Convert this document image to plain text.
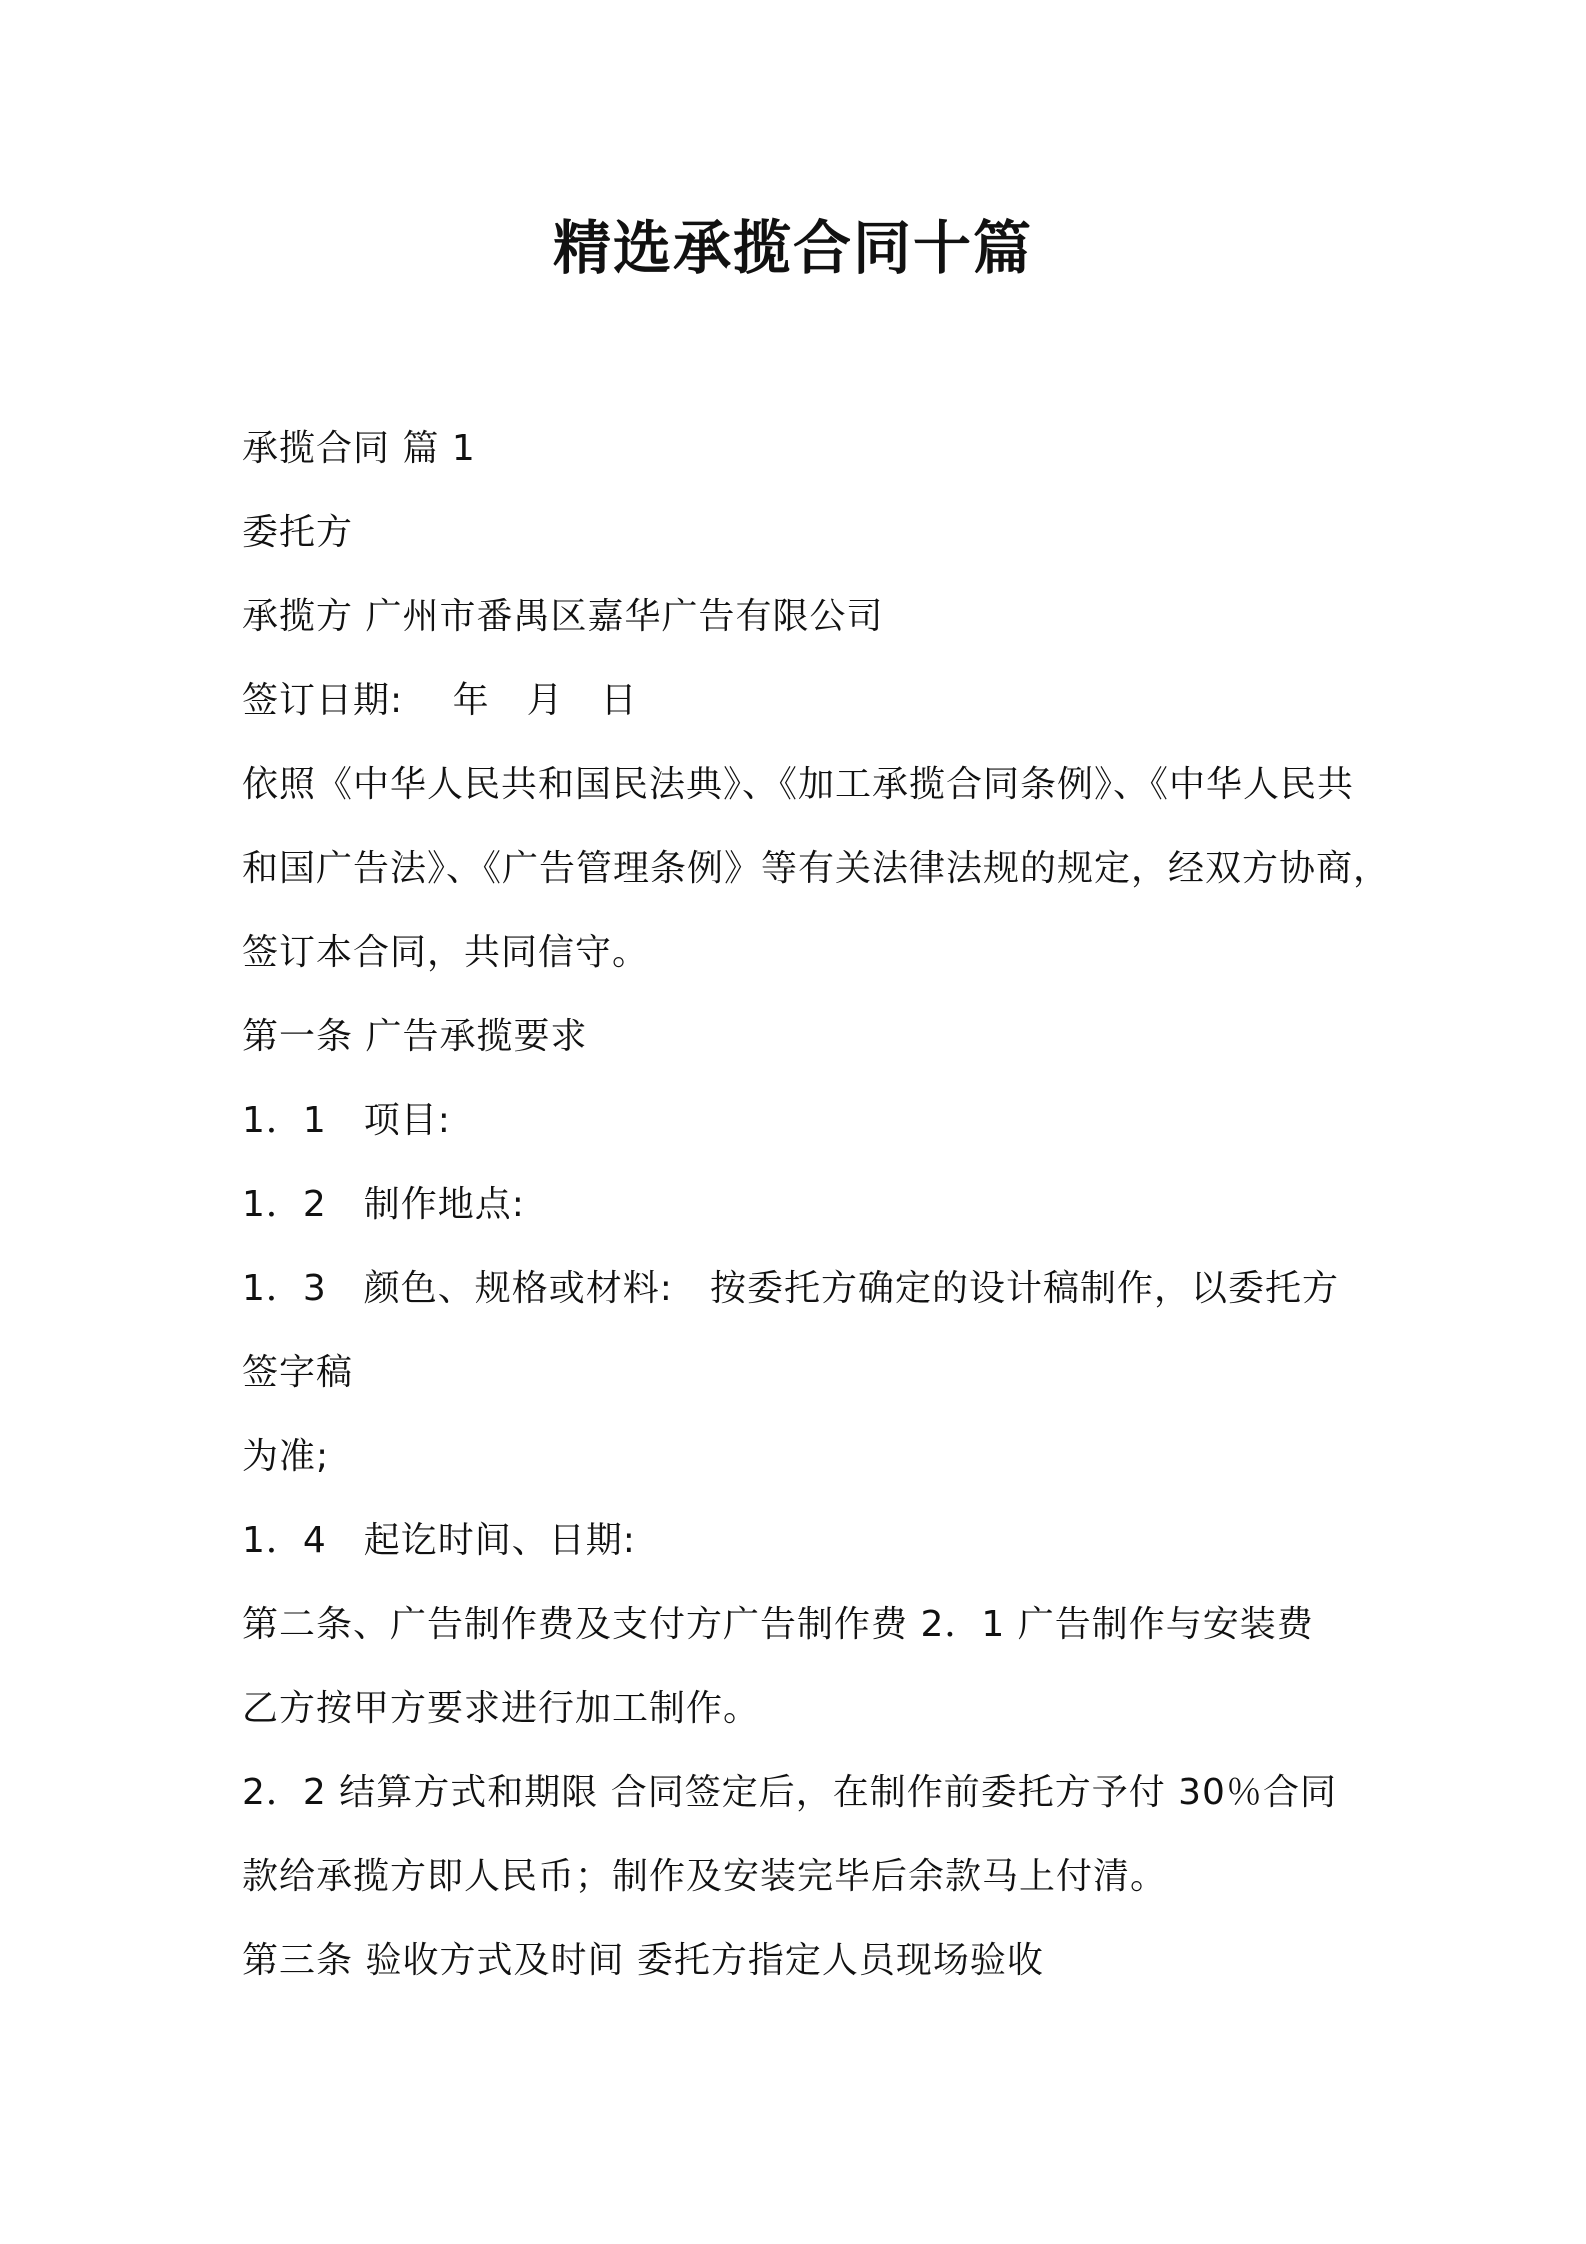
精选承揽合同十篇
承揽合同 篇 1
委托方
承揽方 广州市番禺区嘉华广告有限公司
签订日期:　 年　月　日
依照《中华人民共和国民法典》、《加工承揽合同条例》、《中华人民共
和国广告法》、《广告管理条例》等有关法律法规的规定，经双方协商，
签订本合同，共同信守。
第一条 广告承揽要求
1．1　项目:
1．2　制作地点:
1．3　颜色、规格或材料:　按委托方确定的设计稿制作，以委托方
签字稿
为准;
1．4　起讫时间、日期:
第二条、广告制作费及支付方广告制作费 2．1 广告制作与安装费
乙方按甲方要求进行加工制作。
2．2 结算方式和期限 合同签定后，在制作前委托方予付 30％合同
款给承揽方即人民币；制作及安装完毕后余款马上付清。
第三条 验收方式及时间 委托方指定人员现场验收
